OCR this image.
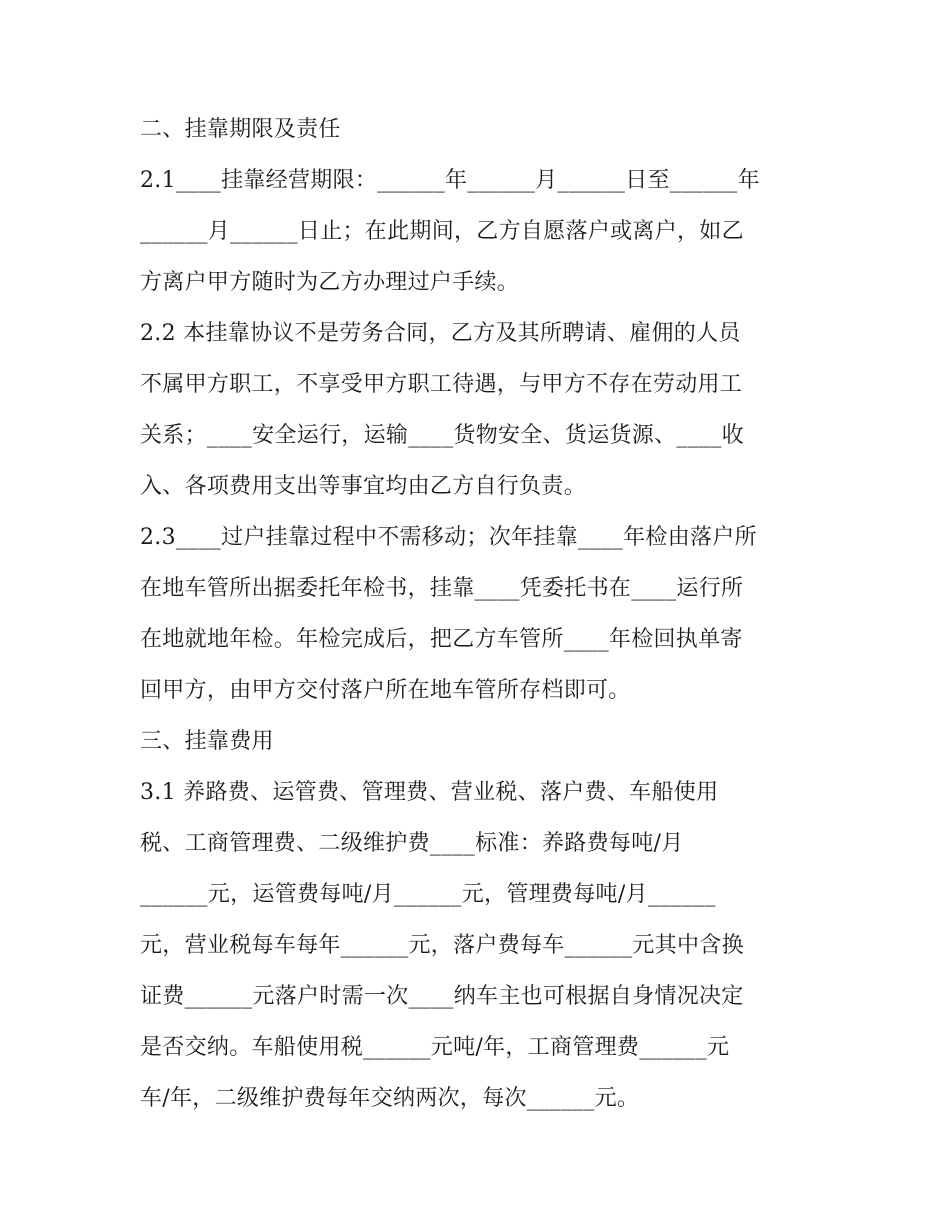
二、挂靠期限及责任
2.1____挂靠经营期限：______年______月______日至______年
______月______日止；在此期间，乙方自愿落户或离户，如乙
方离户甲方随时为乙方办理过户手续。
2.2 本挂靠协议不是劳务合同，乙方及其所聘请、雇佣的人员
不属甲方职工，不享受甲方职工待遇，与甲方不存在劳动用工
关系；____安全运行，运输____货物安全、货运货源、____收
入、各项费用支出等事宜均由乙方自行负责。
2.3____过户挂靠过程中不需移动；次年挂靠____年检由落户所
在地车管所出据委托年检书，挂靠____凭委托书在____运行所
在地就地年检。年检完成后，把乙方车管所____年检回执单寄
回甲方，由甲方交付落户所在地车管所存档即可。
三、挂靠费用
3.1 养路费、运管费、管理费、营业税、落户费、车船使用
税、工商管理费、二级维护费____标准：养路费每吨/月
______元，运管费每吨/月______元，管理费每吨/月______
元，营业税每车每年______元，落户费每车______元其中含换
证费______元落户时需一次____纳车主也可根据自身情况决定
是否交纳。车船使用税______元吨/年，工商管理费______元
车/年，二级维护费每年交纳两次，每次______元。
